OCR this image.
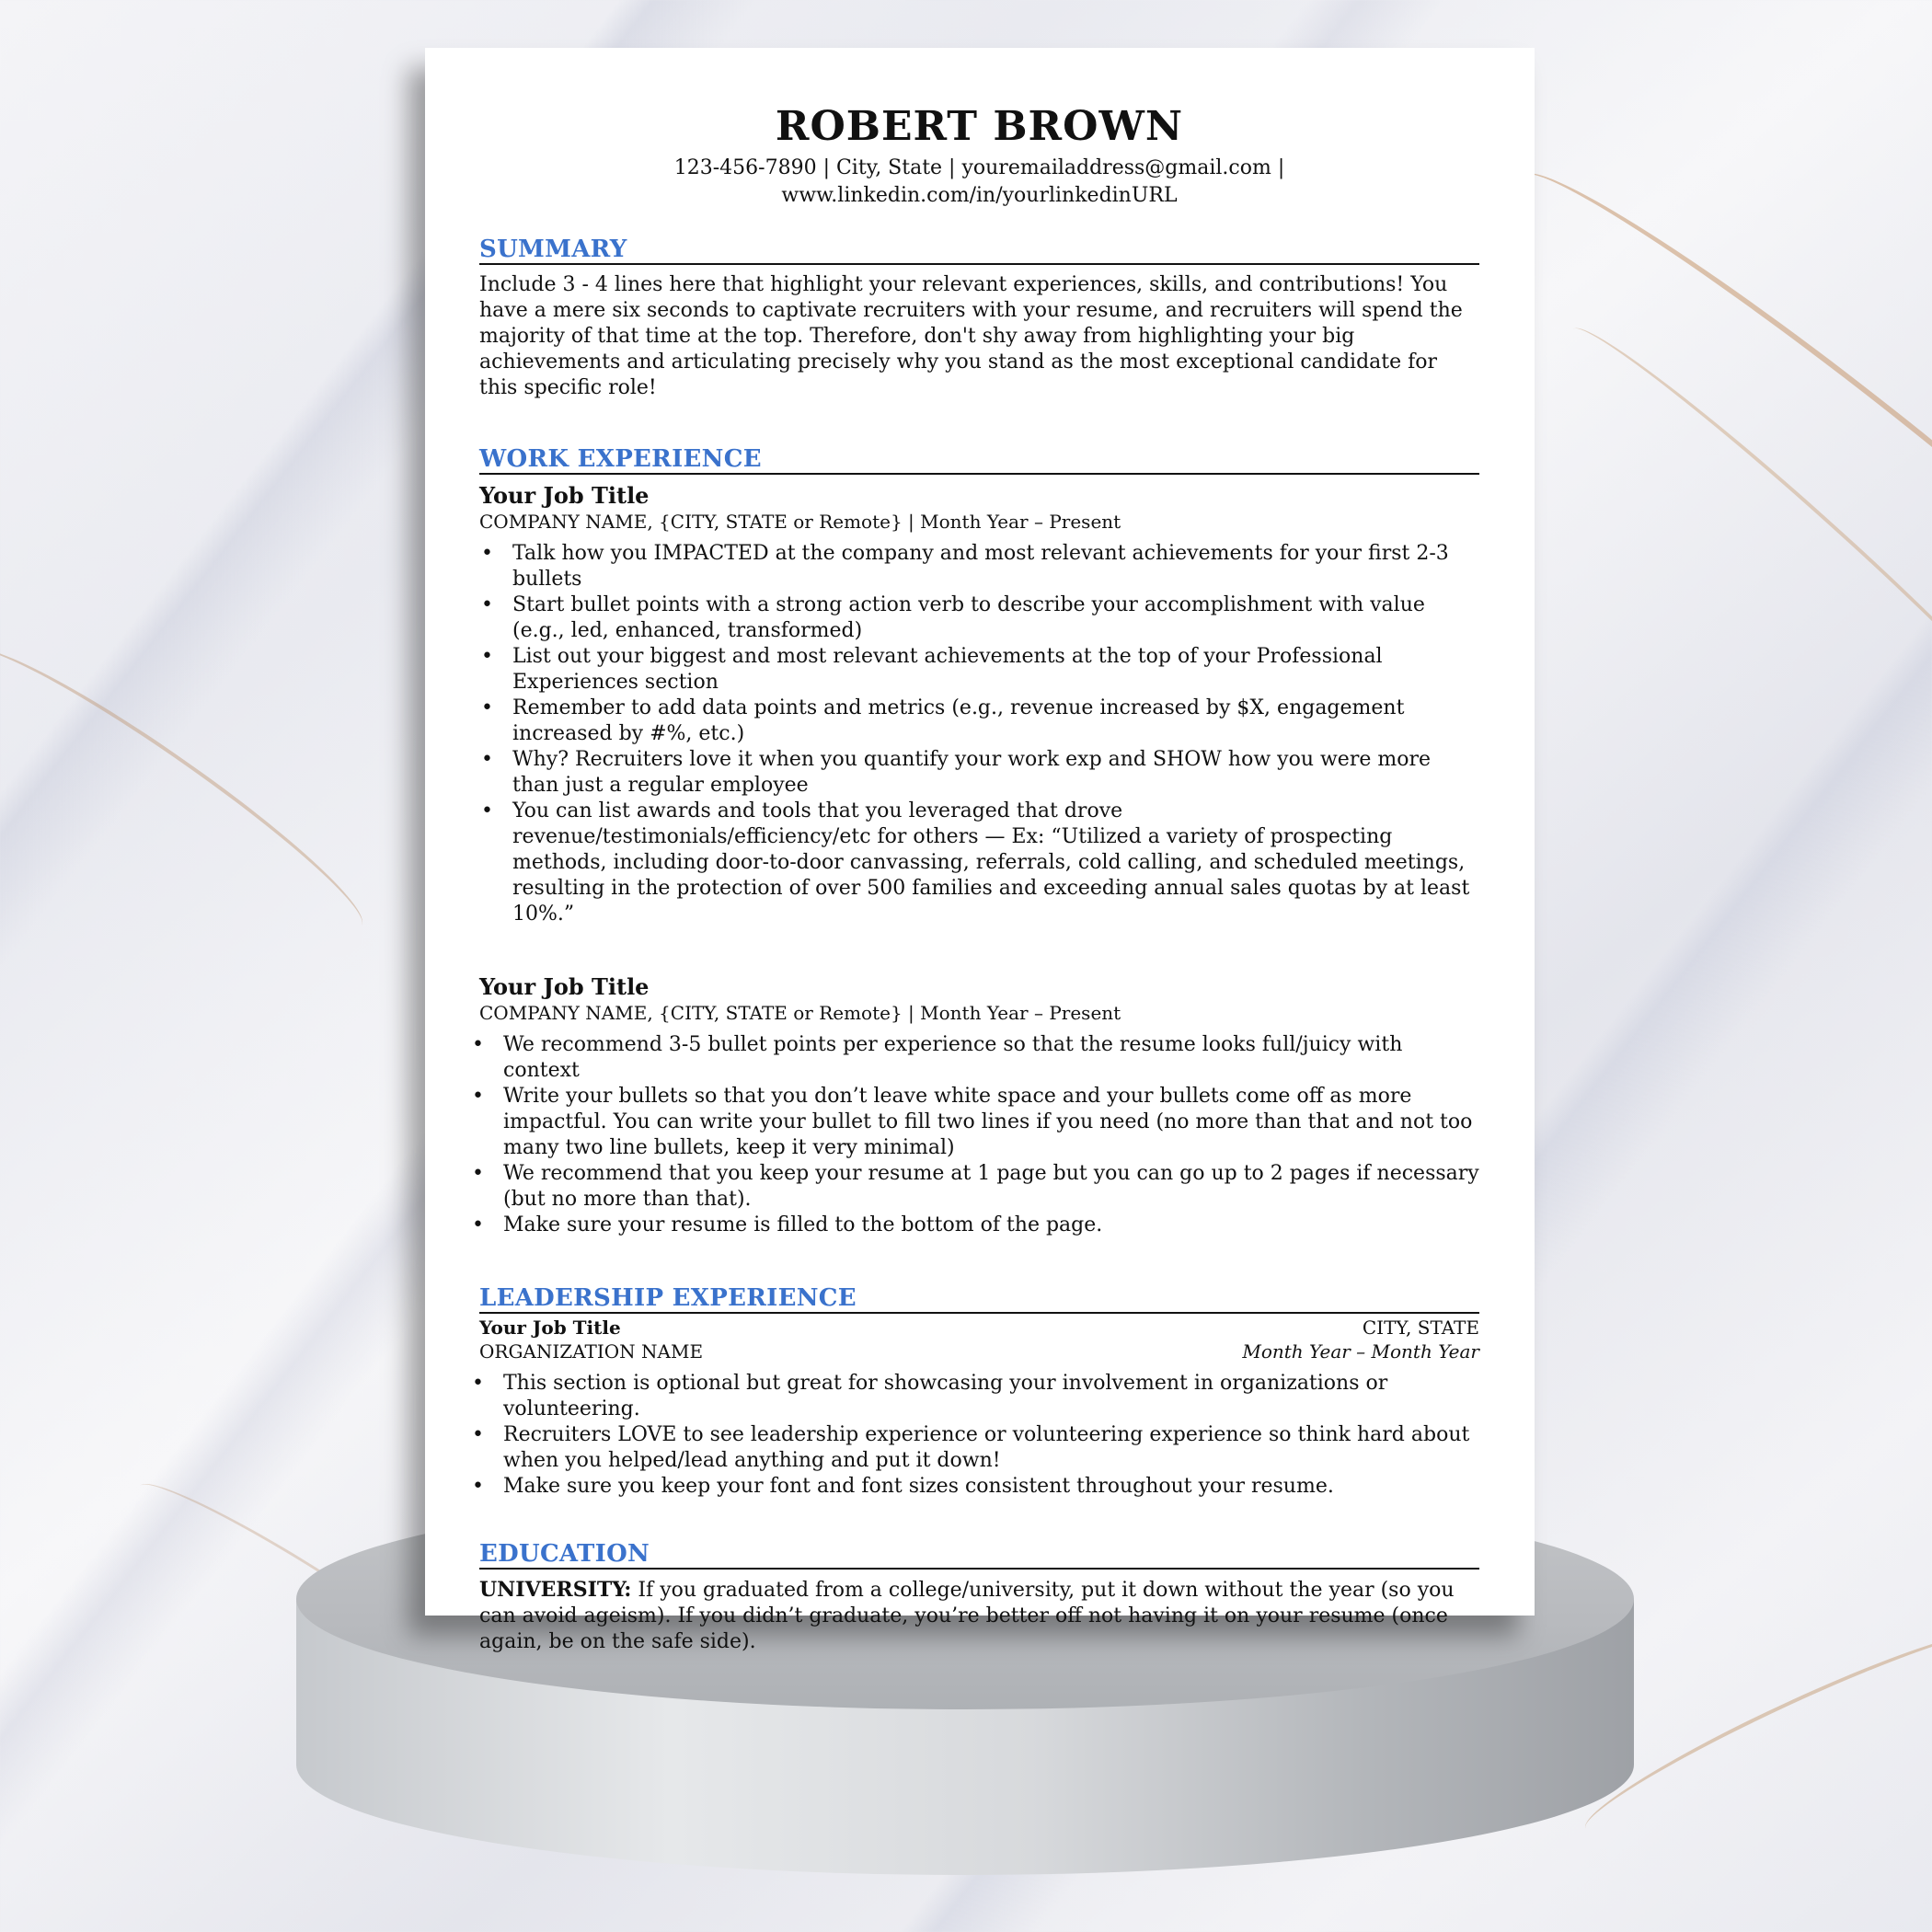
ROBERT BROWN
123-456-7890 | City, State | youremailaddress@gmail.com | www.linkedin.com/in/yourlinkedinURL
SUMMARY

Include 3 - 4 lines here that highlight your relevant experiences, skills, and contributions! You have a mere six seconds to captivate recruiters with your resume, and recruiters will spend the majority of that time at the top. Therefore, don't shy away from highlighting your big achievements and articulating precisely why you stand as the most exceptional candidate for this specific role!

WORK EXPERIENCE
Your Job Title
COMPANY NAME, {CITY, STATE or Remote} | Month Year – Present
• Talk how you IMPACTED at the company and most relevant achievements for your first 2-3 bullets
• Start bullet points with a strong action verb to describe your accomplishment with value (e.g., led, enhanced, transformed)
• List out your biggest and most relevant achievements at the top of your Professional Experiences section
• Remember to add data points and metrics (e.g., revenue increased by $X, engagement increased by #%, etc.)
• Why? Recruiters love it when you quantify your work exp and SHOW how you were more than just a regular employee
• You can list awards and tools that you leveraged that drove revenue/testimonials/efficiency/etc for others — Ex: “Utilized a variety of prospecting methods, including door-to-door canvassing, referrals, cold calling, and scheduled meetings, resulting in the protection of over 500 families and exceeding annual sales quotas by at least 10%.”
Your Job Title
COMPANY NAME, {CITY, STATE or Remote} | Month Year – Present
• We recommend 3-5 bullet points per experience so that the resume looks full/juicy with context
• Write your bullets so that you don’t leave white space and your bullets come off as more impactful. You can write your bullet to fill two lines if you need (no more than that and not too many two line bullets, keep it very minimal)
• We recommend that you keep your resume at 1 page but you can go up to 2 pages if necessary (but no more than that).
• Make sure your resume is filled to the bottom of the page.
LEADERSHIP EXPERIENCE
Your Job Title	CITY, STATE
ORGANIZATION NAME	Month Year – Month Year
• This section is optional but great for showcasing your involvement in organizations or volunteering.
• Recruiters LOVE to see leadership experience or volunteering experience so think hard about when you helped/lead anything and put it down!
• Make sure you keep your font and font sizes consistent throughout your resume.
EDUCATION

UNIVERSITY: If you graduated from a college/university, put it down without the year (so you can avoid ageism). If you didn’t graduate, you’re better off not having it on your resume (once again, be on the safe side).
